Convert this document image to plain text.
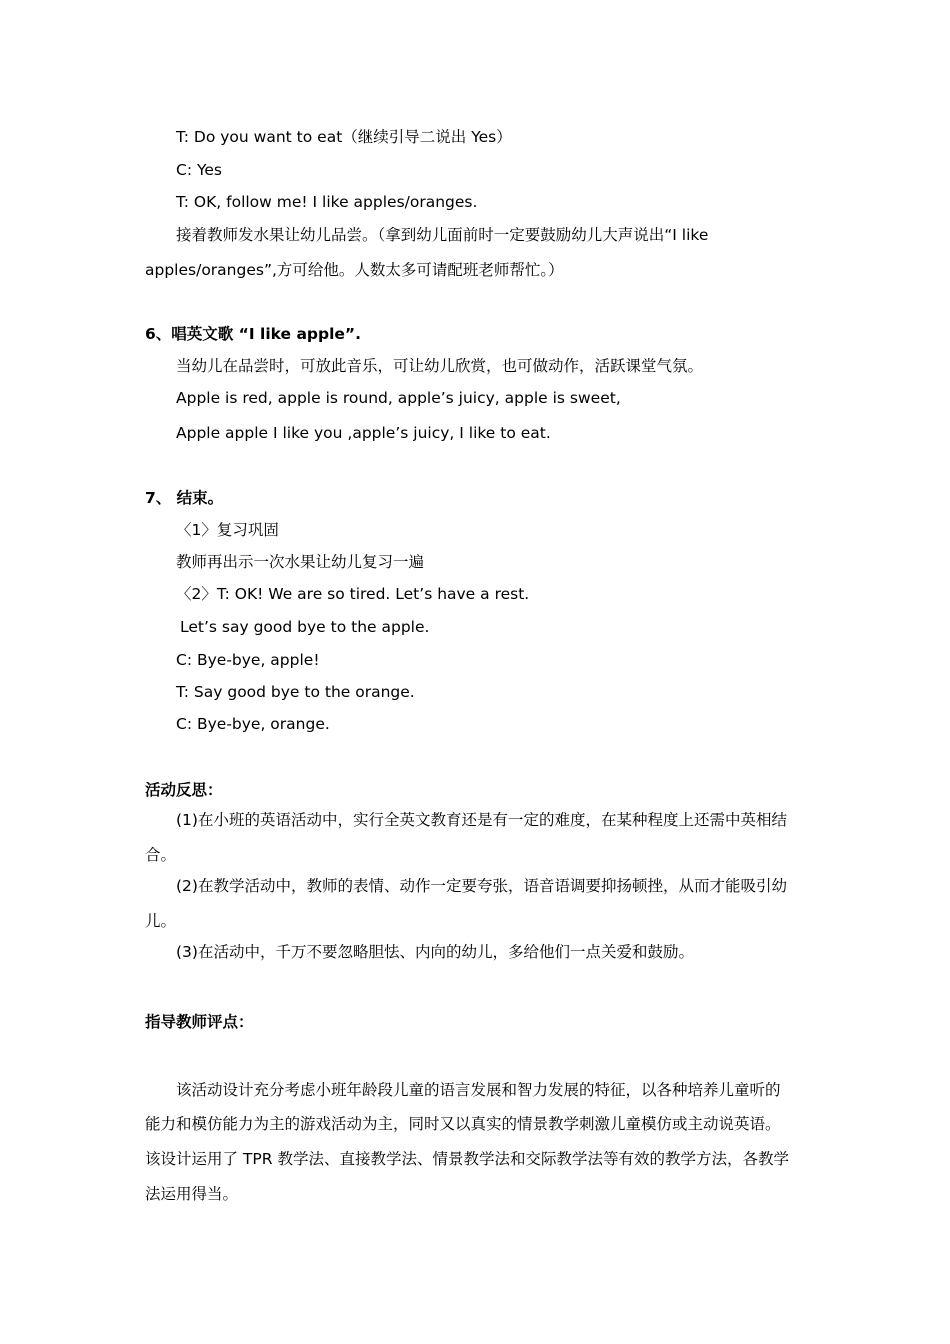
T: Do you want to eat（继续引导二说出 Yes）
C: Yes
T: OK, follow me! I like apples/oranges.
接着教师发水果让幼儿品尝。（拿到幼儿面前时一定要鼓励幼儿大声说出“I like
apples/oranges”,方可给他。人数太多可请配班老师帮忙。）
6、唱英文歌 “I like apple”.
当幼儿在品尝时，可放此音乐，可让幼儿欣赏，也可做动作，活跃课堂气氛。
Apple is red, apple is round, apple’s juicy, apple is sweet,
Apple apple I like you ,apple’s juicy, I like to eat.
7、 结束。
〈1〉复习巩固
教师再出示一次水果让幼儿复习一遍
〈2〉T: OK! We are so tired. Let’s have a rest.
Let’s say good bye to the apple.
C: Bye-bye, apple!
T: Say good bye to the orange.
C: Bye-bye, orange.
活动反思：
(1)在小班的英语活动中，实行全英文教育还是有一定的难度，在某种程度上还需中英相结
合。
(2)在教学活动中，教师的表情、动作一定要夸张，语音语调要抑扬顿挫，从而才能吸引幼
儿。
(3)在活动中，千万不要忽略胆怯、内向的幼儿，多给他们一点关爱和鼓励。
指导教师评点：
该活动设计充分考虑小班年龄段儿童的语言发展和智力发展的特征，以各种培养儿童听的
能力和模仿能力为主的游戏活动为主，同时又以真实的情景教学刺激儿童模仿或主动说英语。
该设计运用了 TPR 教学法、直接教学法、情景教学法和交际教学法等有效的教学方法，各教学
法运用得当。
